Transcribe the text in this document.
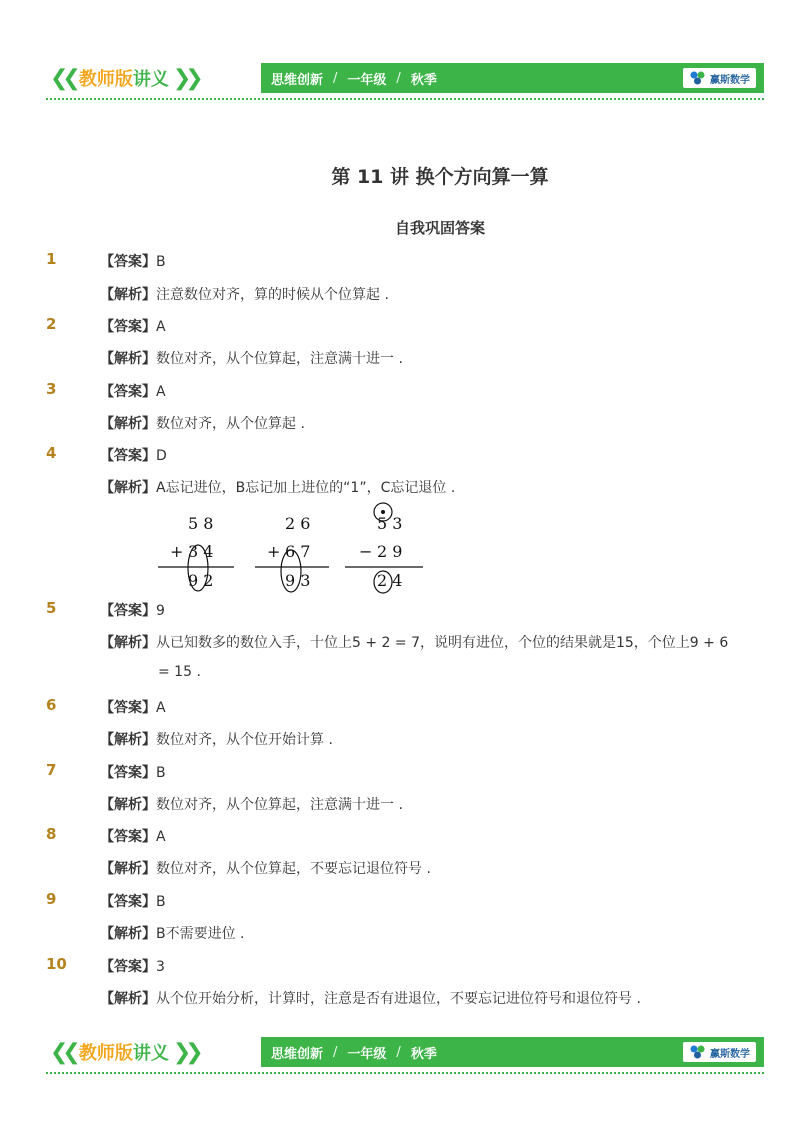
❮❮ 教师版 讲义 ❯❯	思维创新 / 一年级 / 秋季	赢斯数学
第 11 讲 换个方向算一算
自我巩固答案
1	【答案】B
【解析】注意数位对齐，算的时候从个位算起 .
2	【答案】A
【解析】数位对齐，从个位算起，注意满十进一 .
3	【答案】A
【解析】数位对齐，从个位算起 .
4	【答案】D
【解析】A忘记进位，B忘记加上进位的“1”，C忘记退位 .
5 8
+ 3 4
9 2
2 6
+ 6 7
9 3
5 3
− 2 9
2 4
5	【答案】9
【解析】从已知数多的数位入手，十位上5 + 2 = 7，说明有进位，个位的结果就是15，个位上9 + 6
= 15 .
6	【答案】A
【解析】数位对齐，从个位开始计算 .
7	【答案】B
【解析】数位对齐，从个位算起，注意满十进一 .
8	【答案】A
【解析】数位对齐，从个位算起，不要忘记退位符号 .
9	【答案】B
【解析】B不需要进位 .
10 【答案】3
【解析】从个位开始分析，计算时，注意是否有进退位，不要忘记进位符号和退位符号 .
❮❮ 教师版 讲义 ❯❯	思维创新 / 一年级 / 秋季	赢斯数学
